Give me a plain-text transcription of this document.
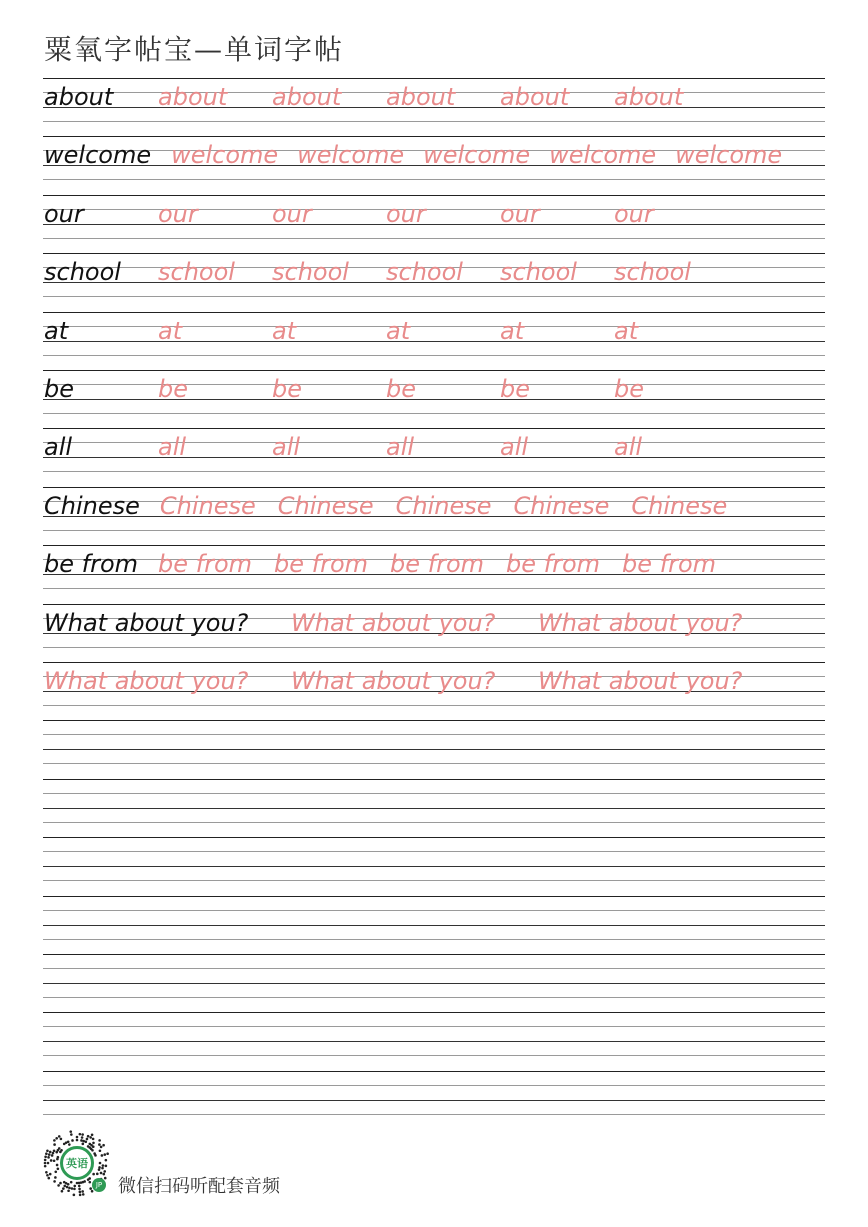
粟氧字帖宝—单词字帖
about about about about about about
welcome welcome welcome welcome welcome welcome
our	our	our	our	our	our
school school school school school school
at	at	at	at	at	at
be	be	be	be	be	be
all	all	all	all	all	all
Chinese Chinese Chinese Chinese Chinese Chinese
be from be from be from be from be from be from
What about you? What about you? What about you?
What about you? What about you? What about you?
英语
JP 微信扫码听配套音频
